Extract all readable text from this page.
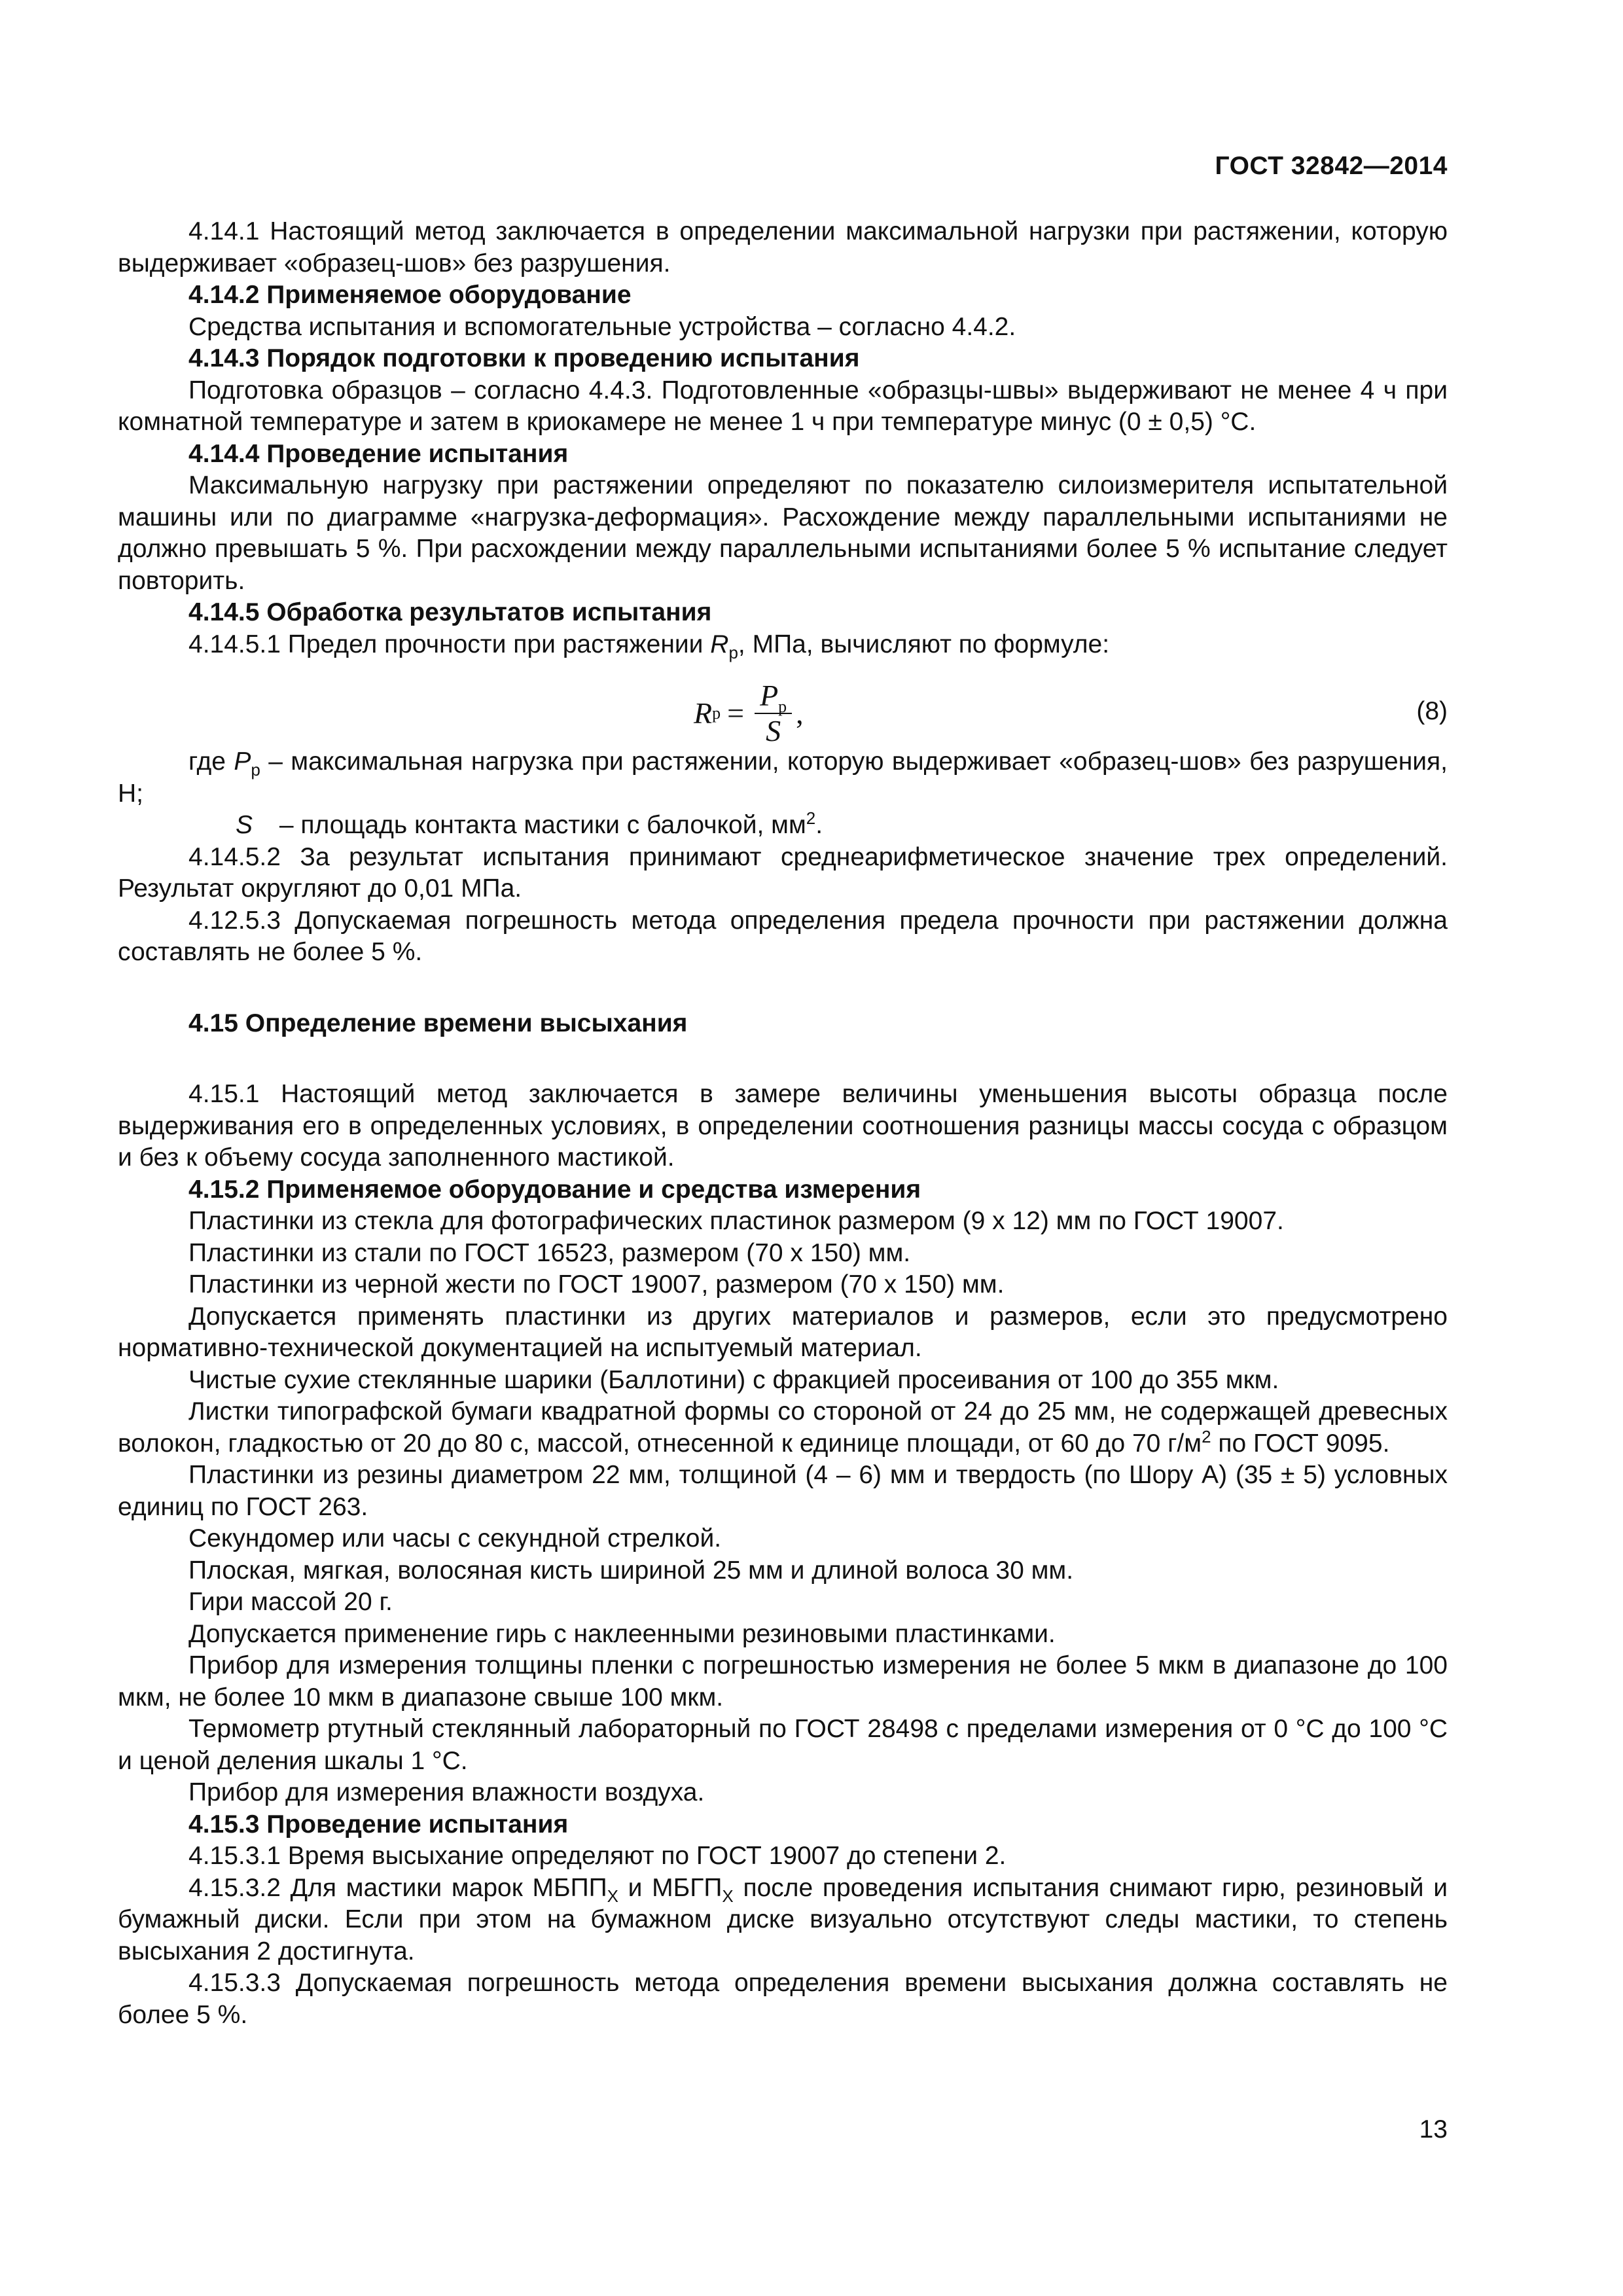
ГОСТ 32842—2014

4.14.1 Настоящий метод заключается в определении максимальной нагрузки при растяжении, которую выдерживает «образец-шов» без разрушения.

4.14.2 Применяемое оборудование

Средства испытания и вспомогательные устройства – согласно 4.4.2.

4.14.3 Порядок подготовки к проведению испытания

Подготовка образцов – согласно 4.4.3. Подготовленные «образцы-швы» выдерживают не менее 4 ч при комнатной температуре и затем в криокамере не менее 1 ч при температуре минус (0 ± 0,5) °С.

4.14.4 Проведение испытания

Максимальную нагрузку при растяжении определяют по показателю силоизмерителя испытательной машины или по диаграмме «нагрузка-деформация». Расхождение между параллельными испытаниями не должно превышать 5 %. При расхождении между параллельными испытаниями более 5 % испытание следует повторить.

4.14.5 Обработка результатов испытания

4.14.5.1 Предел прочности при растяжении $R_p$, МПа, вычисляют по формуле:

R $р = \frac{P_р}{S}$ ,	(8)

где $P_р$ – максимальная нагрузка при растяжении, которую выдерживает «образец-шов» без разрушения, Н;

S – площадь контакта мастики с балочкой, $мм^2$.

4.14.5.2 За результат испытания принимают среднеарифметическое значение трех определений. Результат округляют до 0,01 МПа.

4.12.5.3 Допускаемая погрешность метода определения предела прочности при растяжении должна составлять не более 5 %.

4.15 Определение времени высыхания

4.15.1 Настоящий метод заключается в замере величины уменьшения высоты образца после выдерживания его в определенных условиях, в определении соотношения разницы массы сосуда с образцом и без к объему сосуда заполненного мастикой.

4.15.2 Применяемое оборудование и средства измерения

Пластинки из стекла для фотографических пластинок размером (9 х 12) мм по ГОСТ 19007.

Пластинки из стали по ГОСТ 16523, размером (70 х 150) мм.

Пластинки из черной жести по ГОСТ 19007, размером (70 х 150) мм.

Допускается применять пластинки из других материалов и размеров, если это предусмотрено нормативно-технической документацией на испытуемый материал.

Чистые сухие стеклянные шарики (Баллотини) с фракцией просеивания от 100 до 355 мкм.

Листки типографской бумаги квадратной формы со стороной от 24 до 25 мм, не содержащей древесных волокон, гладкостью от 20 до 80 с, массой, отнесенной к единице площади, от 60 до 70 $г/м^2$ по ГОСТ 9095.

Пластинки из резины диаметром 22 мм, толщиной (4 – 6) мм и твердость (по Шору А) (35 ± 5) условных единиц по ГОСТ 263.

Секундомер или часы с секундной стрелкой.

Плоская, мягкая, волосяная кисть шириной 25 мм и длиной волоса 30 мм.

Гири массой 20 г.

Допускается применение гирь с наклеенными резиновыми пластинками.

Прибор для измерения толщины пленки с погрешностью измерения не более 5 мкм в диапазоне до 100 мкм, не более 10 мкм в диапазоне свыше 100 мкм.

Термометр ртутный стеклянный лабораторный по ГОСТ 28498 с пределами измерения от 0 °С до 100 °С и ценой деления шкалы 1 °С.

Прибор для измерения влажности воздуха.

4.15.3 Проведение испытания

4.15.3.1 Время высыхание определяют по ГОСТ 19007 до степени 2.

4.15.3.2 Для мастики марок $МБПП_Х$ и $МБГП_Х$ после проведения испытания снимают гирю, резиновый и бумажный диски. Если при этом на бумажном диске визуально отсутствуют следы мастики, то степень высыхания 2 достигнута.

4.15.3.3 Допускаемая погрешность метода определения времени высыхания должна составлять не более 5 %.

13
